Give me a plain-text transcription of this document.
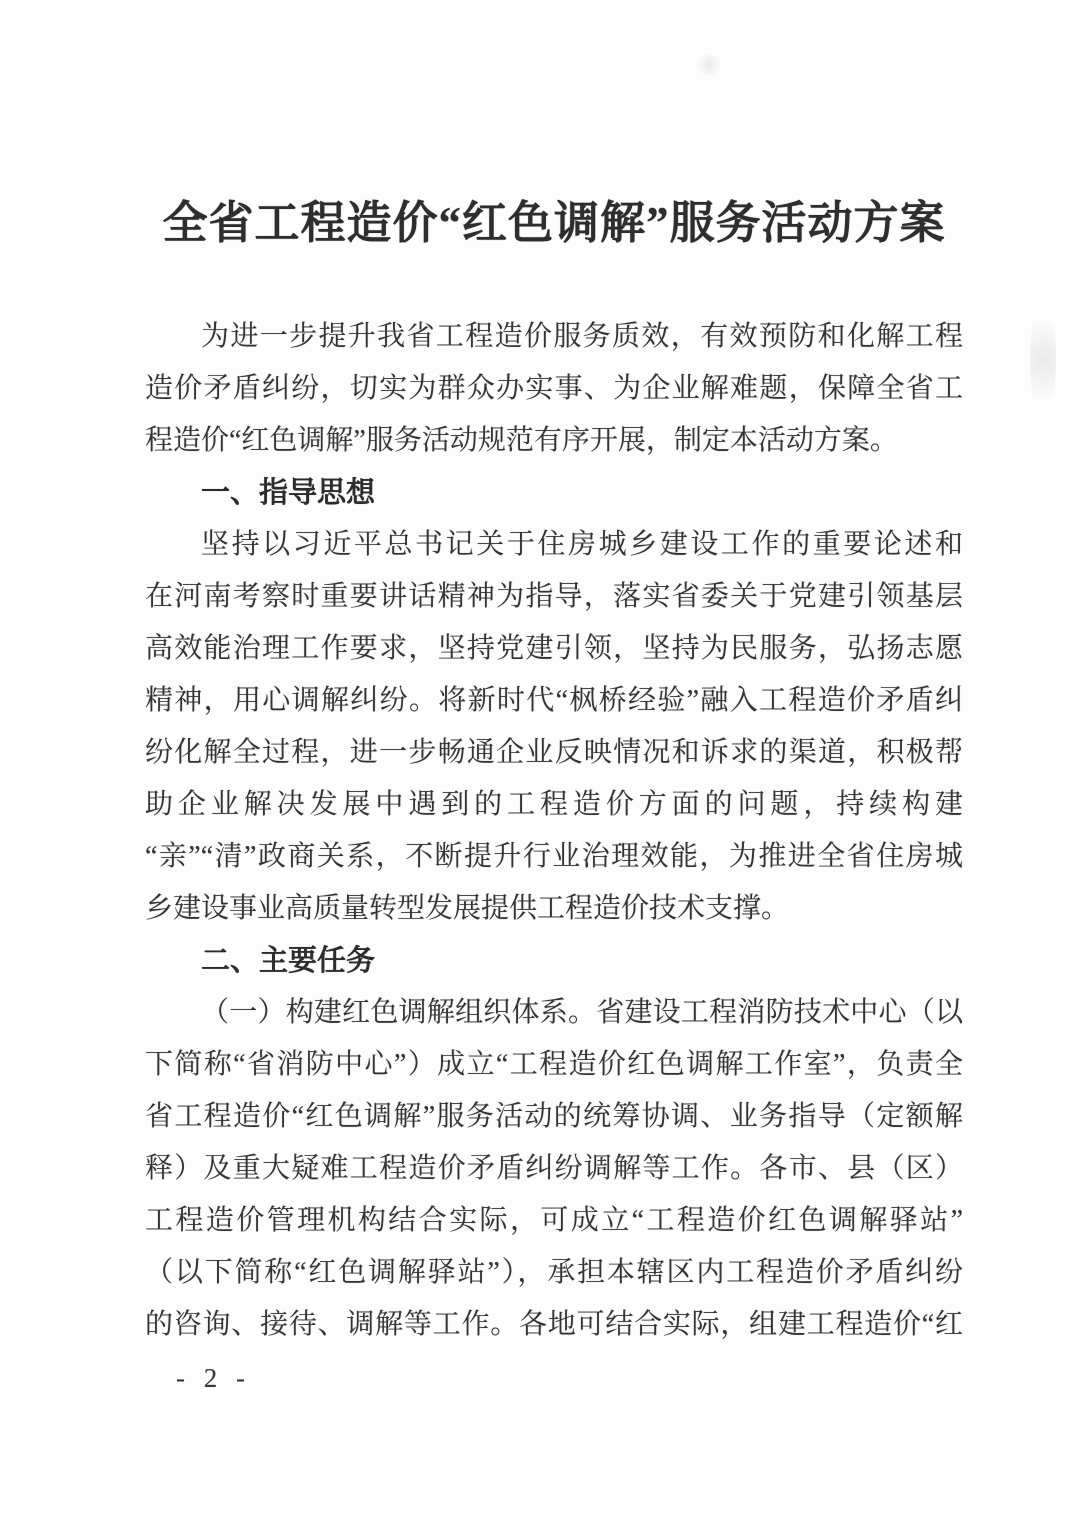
全省工程造价“红色调解”服务活动方案
为进一步提升我省工程造价服务质效，有效预防和化解工程
造价矛盾纠纷，切实为群众办实事、为企业解难题，保障全省工
程造价“红色调解”服务活动规范有序开展，制定本活动方案。
一、指导思想
坚持以习近平总书记关于住房城乡建设工作的重要论述和
在河南考察时重要讲话精神为指导，落实省委关于党建引领基层
高效能治理工作要求，坚持党建引领，坚持为民服务，弘扬志愿
精神，用心调解纠纷。将新时代“枫桥经验”融入工程造价矛盾纠
纷化解全过程，进一步畅通企业反映情况和诉求的渠道，积极帮
助企业解决发展中遇到的工程造价方面的问题，持续构建
“亲”“清”政商关系，不断提升行业治理效能，为推进全省住房城
乡建设事业高质量转型发展提供工程造价技术支撑。
二、主要任务
（一）构建红色调解组织体系。省建设工程消防技术中心（以
下简称“省消防中心”）成立“工程造价红色调解工作室”，负责全
省工程造价“红色调解”服务活动的统筹协调、业务指导（定额解
释）及重大疑难工程造价矛盾纠纷调解等工作。各市、县（区）
工程造价管理机构结合实际，可成立“工程造价红色调解驿站”
（以下简称“红色调解驿站”），承担本辖区内工程造价矛盾纠纷
的咨询、接待、调解等工作。各地可结合实际，组建工程造价“红
- 2 -
